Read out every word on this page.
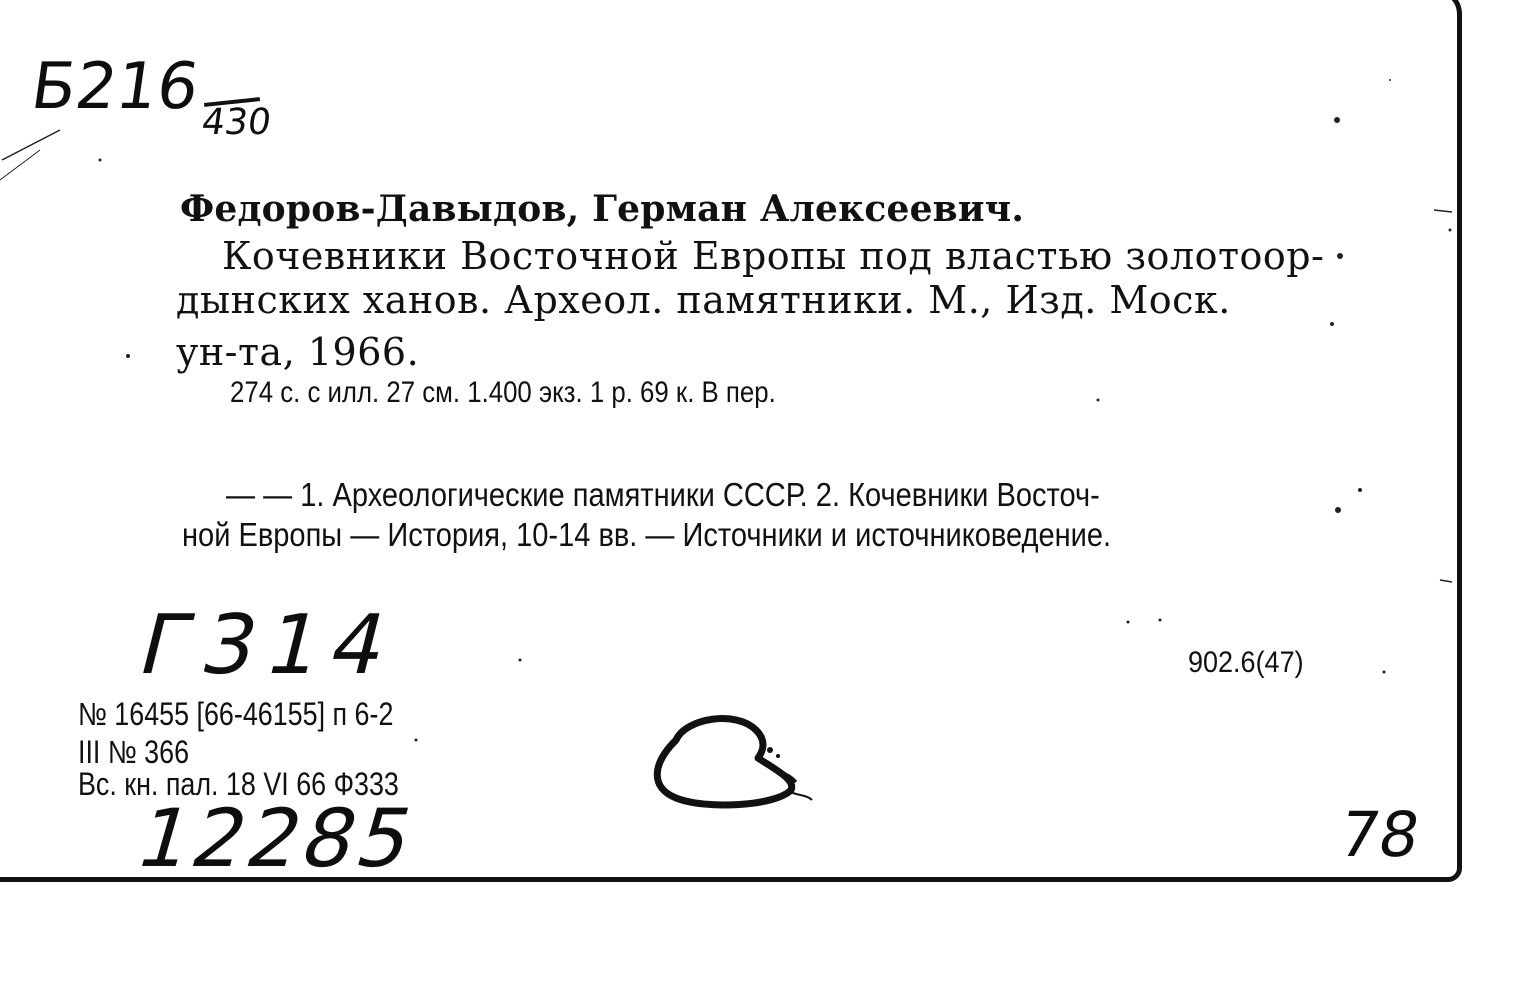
Б216
430
Федоров-Давыдов, Герман Алексеевич.
Кочевники Восточной Европы под властью золотоор-
дынских ханов. Археол. памятники. М., Изд. Моск.
ун-та, 1966.
274 с. с илл. 27 см. 1.400 экз. 1 р. 69 к. В пер.
— — 1. Археологические памятники СССР. 2. Кочевники Восточ-
ной Европы — История, 10-14 вв. — Источники и источниковедение.
Г314	902.6(47)
№ 16455 [66-46155] п 6-2
III № 366
Вс. кн. пал. 18 VI 66 Ф333
12285	78
